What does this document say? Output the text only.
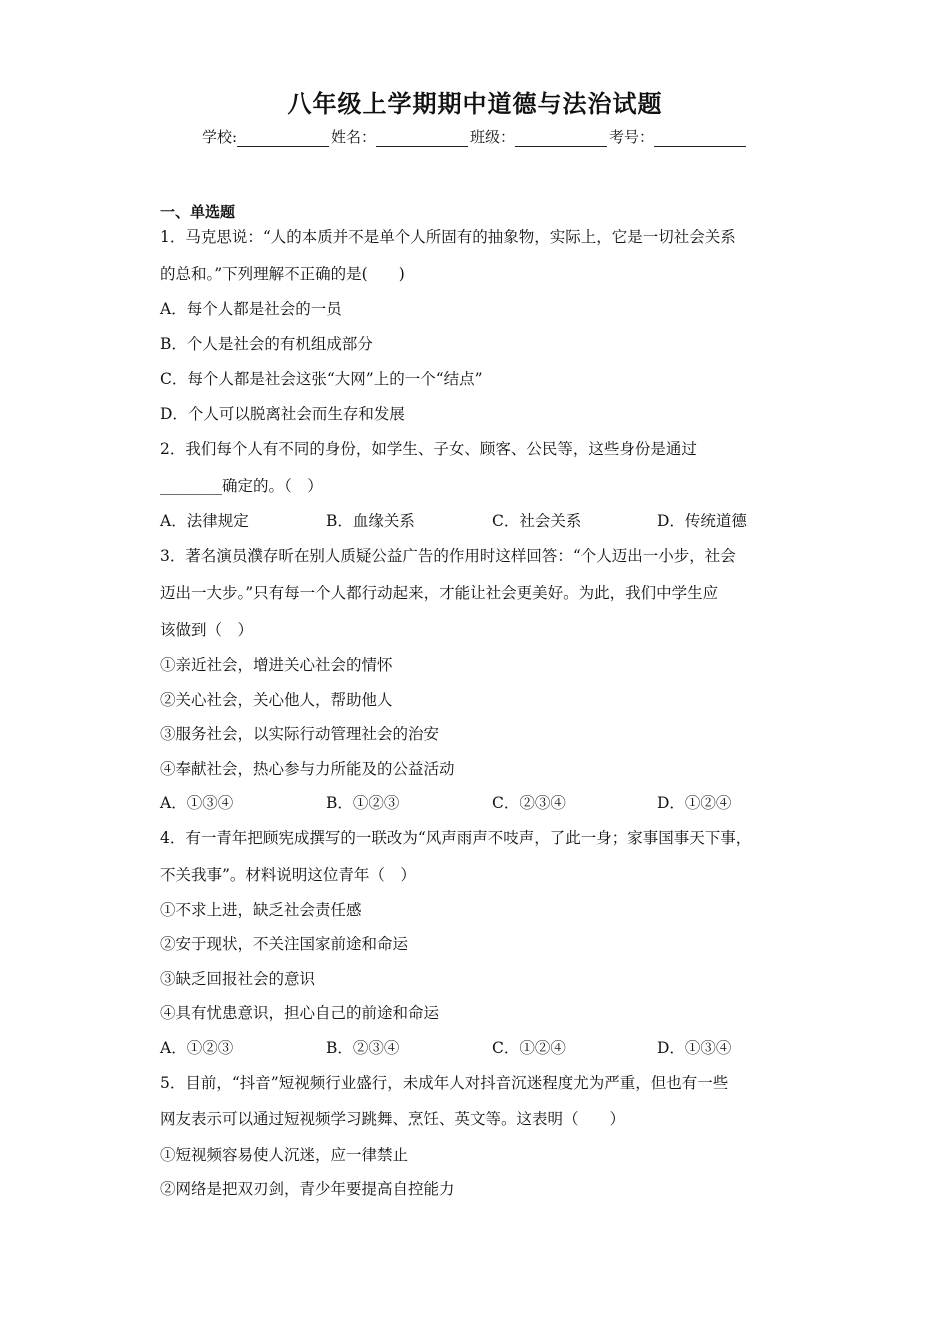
八年级上学期期中道德与法治试题
学校:	姓名：	班级：	考号：
一、单选题
1．马克思说：“人的本质并不是单个人所固有的抽象物，实际上，它是一切社会关系
的总和。”下列理解不正确的是(　　)
A．每个人都是社会的一员
B．个人是社会的有机组成部分
C．每个人都是社会这张“大网”上的一个“结点”
D．个人可以脱离社会而生存和发展
2．我们每个人有不同的身份，如学生、子女、顾客、公民等，这些身份是通过
________确定的。（　）
A．法律规定	B．血缘关系	C．社会关系	D．传统道德
3．著名演员濮存昕在别人质疑公益广告的作用时这样回答：“个人迈出一小步，社会
迈出一大步。”只有每一个人都行动起来，才能让社会更美好。为此，我们中学生应
该做到（　）
①亲近社会，增进关心社会的情怀
②关心社会，关心他人，帮助他人
③服务社会，以实际行动管理社会的治安
④奉献社会，热心参与力所能及的公益活动
A．①③④	B．①②③	C．②③④	D．①②④
4．有一青年把顾宪成撰写的一联改为“风声雨声不吱声，了此一身；家事国事天下事，
不关我事”。材料说明这位青年（　）
①不求上进，缺乏社会责任感
②安于现状，不关注国家前途和命运
③缺乏回报社会的意识
④具有忧患意识，担心自己的前途和命运
A．①②③	B．②③④	C．①②④	D．①③④
5．目前，“抖音”短视频行业盛行，未成年人对抖音沉迷程度尤为严重，但也有一些
网友表示可以通过短视频学习跳舞、烹饪、英文等。这表明（　　）
①短视频容易使人沉迷，应一律禁止
②网络是把双刃剑，青少年要提高自控能力
